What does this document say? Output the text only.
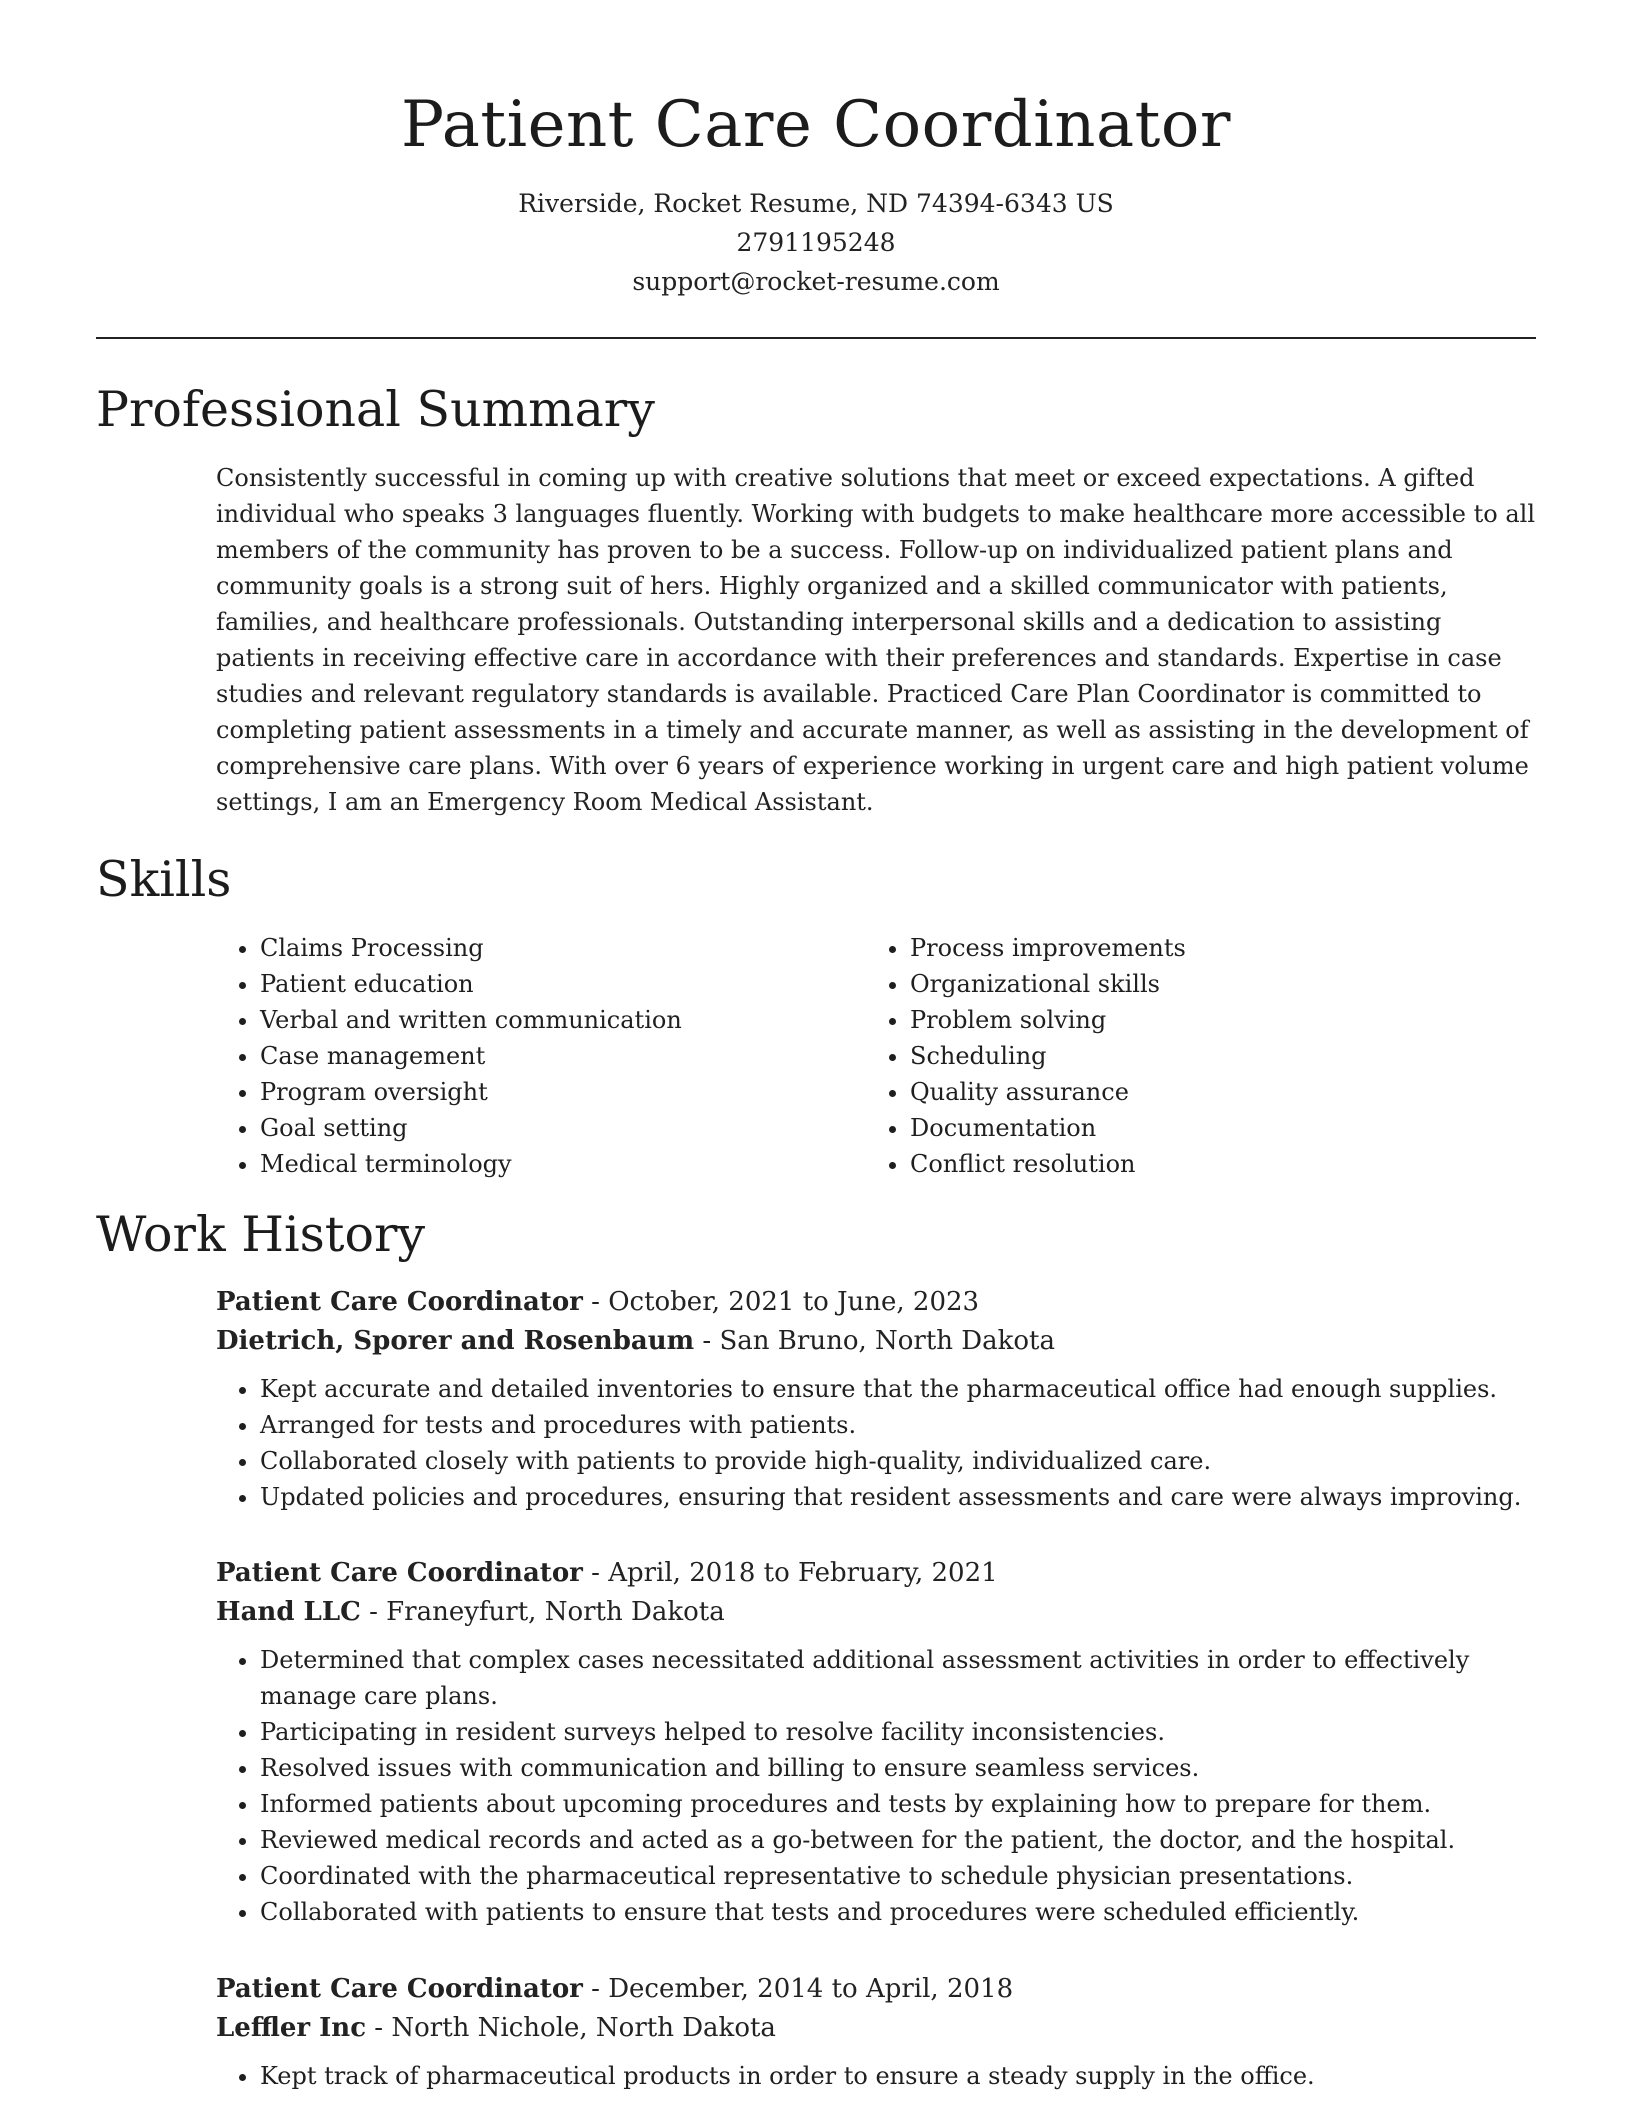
Patient Care Coordinator
Riverside, Rocket Resume, ND 74394-6343 US
2791195248
support@rocket-resume.com
Professional Summary
Consistently successful in coming up with creative solutions that meet or exceed expectations. A gifted individual who speaks 3 languages fluently. Working with budgets to make healthcare more accessible to all members of the community has proven to be a success. Follow-up on individualized patient plans and community goals is a strong suit of hers. Highly organized and a skilled communicator with patients, families, and healthcare professionals. Outstanding interpersonal skills and a dedication to assisting patients in receiving effective care in accordance with their preferences and standards. Expertise in case studies and relevant regulatory standards is available. Practiced Care Plan Coordinator is committed to completing patient assessments in a timely and accurate manner, as well as assisting in the development of comprehensive care plans. With over 6 years of experience working in urgent care and high patient volume settings, I am an Emergency Room Medical Assistant.
Skills
• Claims Processing
• Patient education
• Verbal and written communication
• Case management
• Program oversight
• Goal setting
• Medical terminology
• Process improvements
• Organizational skills
• Problem solving
• Scheduling
• Quality assurance
• Documentation
• Conflict resolution
Work History
Patient Care Coordinator - October, 2021 to June, 2023
Dietrich, Sporer and Rosenbaum - San Bruno, North Dakota
• Kept accurate and detailed inventories to ensure that the pharmaceutical office had enough supplies.
• Arranged for tests and procedures with patients.
• Collaborated closely with patients to provide high-quality, individualized care.
• Updated policies and procedures, ensuring that resident assessments and care were always improving.
Patient Care Coordinator - April, 2018 to February, 2021
Hand LLC - Franeyfurt, North Dakota
• Determined that complex cases necessitated additional assessment activities in order to effectively manage care plans.
• Participating in resident surveys helped to resolve facility inconsistencies.
• Resolved issues with communication and billing to ensure seamless services.
• Informed patients about upcoming procedures and tests by explaining how to prepare for them.
• Reviewed medical records and acted as a go-between for the patient, the doctor, and the hospital.
• Coordinated with the pharmaceutical representative to schedule physician presentations.
• Collaborated with patients to ensure that tests and procedures were scheduled efficiently.
Patient Care Coordinator - December, 2014 to April, 2018
Leffler Inc - North Nichole, North Dakota
• Kept track of pharmaceutical products in order to ensure a steady supply in the office.
